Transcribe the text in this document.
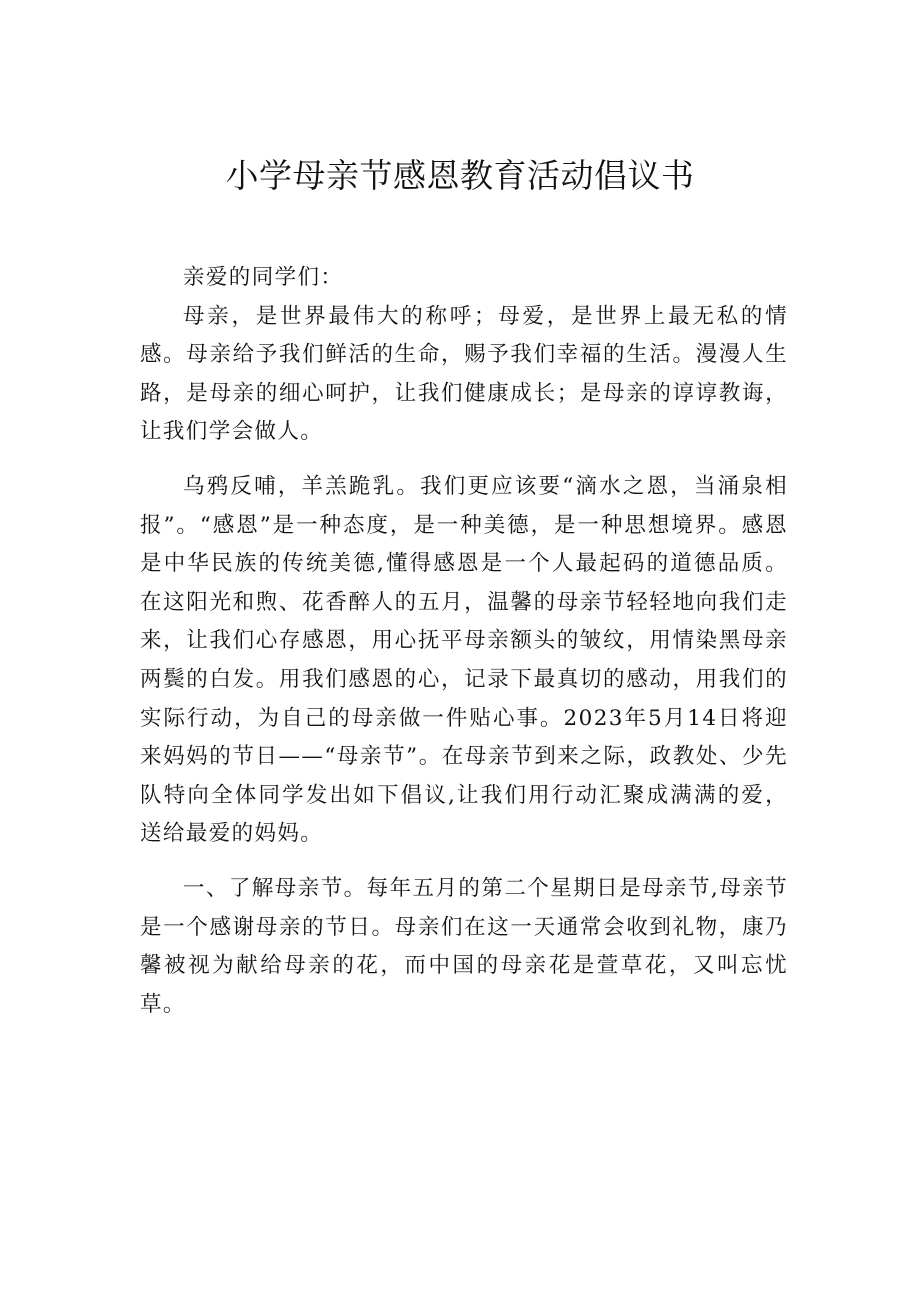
小学母亲节感恩教育活动倡议书

亲爱的同学们：

母亲，是世界最伟大的称呼；母爱，是世界上最无私的情感。母亲给予我们鲜活的生命，赐予我们幸福的生活。漫漫人生路，是母亲的细心呵护，让我们健康成长；是母亲的谆谆教诲，让我们学会做人。

乌鸦反哺，羊羔跪乳。我们更应该要“滴水之恩，当涌泉相报”。“感恩”是一种态度，是一种美德，是一种思想境界。感恩是中华民族的传统美德,懂得感恩是一个人最起码的道德品质。在这阳光和煦、花香醉人的五月，温馨的母亲节轻轻地向我们走来，让我们心存感恩，用心抚平母亲额头的皱纹，用情染黑母亲两鬓的白发。用我们感恩的心，记录下最真切的感动，用我们的实际行动，为自己的母亲做一件贴心事。2023年5月14日将迎来妈妈的节日——“母亲节”。在母亲节到来之际，政教处、少先队特向全体同学发出如下倡议,让我们用行动汇聚成满满的爱，送给最爱的妈妈。

一、了解母亲节。每年五月的第二个星期日是母亲节,母亲节是一个感谢母亲的节日。母亲们在这一天通常会收到礼物，康乃馨被视为献给母亲的花，而中国的母亲花是萱草花，又叫忘忧草。
